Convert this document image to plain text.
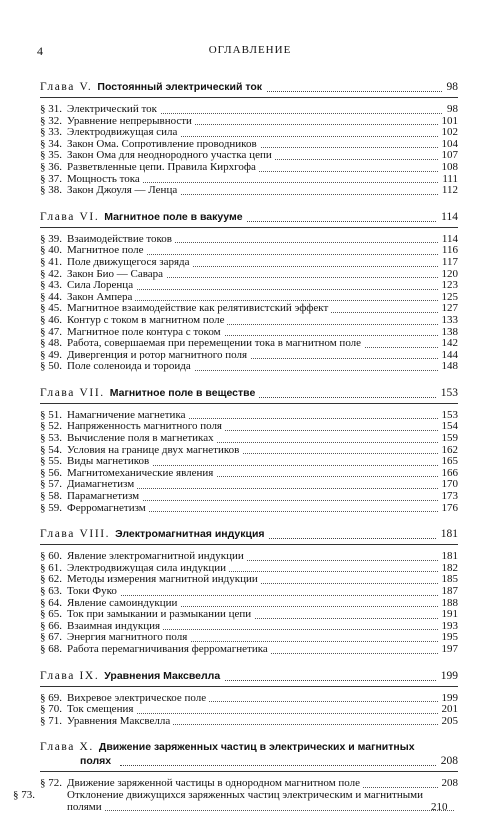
4	ОГЛАВЛЕНИЕ
Глава V. Постоянный электрический ток	98
§ 31. Электрический ток	98
§ 32. Уравнение непрерывности	101
§ 33. Электродвижущая сила	102
§ 34. Закон Ома. Сопротивление проводников	104
§ 35. Закон Ома для неоднородного участка цепи	107
§ 36. Разветвленные цепи. Правила Кирхгофа	108
§ 37. Мощность тока	111
§ 38. Закон Джоуля — Ленца	112
Глава VI. Магнитное поле в вакууме	114
§ 39. Взаимодействие токов	114
§ 40. Магнитное поле	116
§ 41. Поле движущегося заряда	117
§ 42. Закон Био — Савара	120
§ 43. Сила Лоренца	123
§ 44. Закон Ампера	125
§ 45. Магнитное взаимодействие как релятивистский эффект	127
§ 46. Контур с током в магнитном поле	133
§ 47. Магнитное поле контура с током	138
§ 48. Работа, совершаемая при перемещении тока в магнитном поле	142
§ 49. Дивергенция и ротор магнитного поля	144
§ 50. Поле соленоида и тороида	148
Глава VII. Магнитное поле в веществе	153
§ 51. Намагничение магнетика	153
§ 52. Напряженность магнитного поля	154
§ 53. Вычисление поля в магнетиках	159
§ 54. Условия на границе двух магнетиков	162
§ 55. Виды магнетиков	165
§ 56. Магнитомеханические явления	166
§ 57. Диамагнетизм	170
§ 58. Парамагнетизм	173
§ 59. Ферромагнетизм	176
Глава VIII. Электромагнитная индукция	181
§ 60. Явление электромагнитной индукции	181
§ 61. Электродвижущая сила индукции	182
§ 62. Методы измерения магнитной индукции	185
§ 63. Токи Фуко	187
§ 64. Явление самоиндукции	188
§ 65. Ток при замыкании и размыкании цепи	191
§ 66. Взаимная индукция	193
§ 67. Энергия магнитного поля	195
§ 68. Работа перемагничивания ферромагнетика	197
Глава IX. Уравнения Максвелла	199
§ 69. Вихревое электрическое поле	199
§ 70. Ток смещения	201
§ 71. Уравнения Максвелла	205
Глава X. Движение заряженных частиц в электрических и магнитных
полях	208
§ 72. Движение заряженной частицы в однородном магнитном поле	208
§ 73.	Отклонение движущихся заряженных частиц электрическим и магнитными полями	210
